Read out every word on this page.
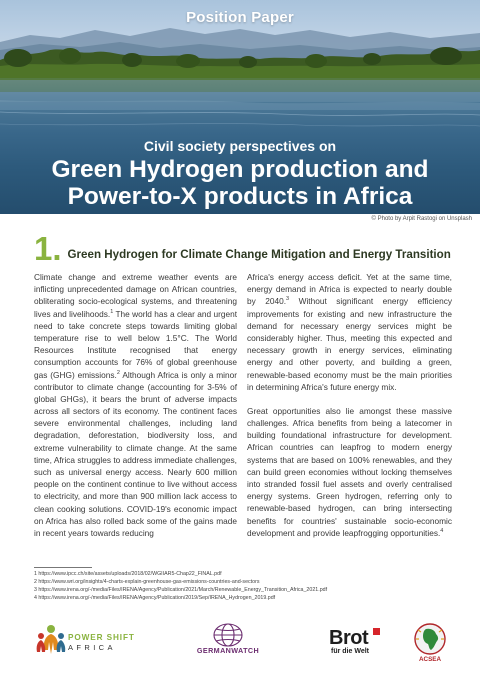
Position Paper
Civil society perspectives on
Green Hydrogen production and
Power-to-X products in Africa
© Photo by Arpit Rastogi on Unsplash
1. Green Hydrogen for Climate Change Mitigation and Energy Transition

Climate change and extreme weather events are inflicting unprecedented damage on African countries, obliterating socio-ecological systems, and threatening lives and livelihoods.$^1$ The world has a clear and urgent need to take concrete steps towards limiting global temperature rise to well below 1.5°C. The World Resources Institute recognised that energy consumption accounts for 76% of global greenhouse gas (GHG) emissions.$^2$ Although Africa is only a minor contributor to climate change (accounting for 3-5% of global GHGs), it bears the brunt of adverse impacts across all sectors of its economy. The continent faces severe environmental challenges, including land degradation, deforestation, biodiversity loss, and extreme vulnerability to climate change. At the same time, Africa struggles to address immediate challenges, such as universal energy access. Nearly 600 million people on the continent continue to live without access to electricity, and more than 900 million lack access to clean cooking solutions. COVID-19's economic impact on Africa has also rolled back some of the gains made in recent years towards reducing

Africa's energy access deficit. Yet at the same time, energy demand in Africa is expected to nearly double by 2040.$^3$ Without significant energy efficiency improvements for existing and new infrastructure the demand for necessary energy services might be considerably higher. Thus, meeting this expected and necessary growth in energy services, eliminating energy and other poverty, and building a green, renewable-based economy must be the main priorities in determining Africa's future energy mix.

Great opportunities also lie amongst these massive challenges. Africa benefits from being a latecomer in building foundational infrastructure for development. African countries can leapfrog to modern energy systems that are based on 100% renewables, and they can build green economies without locking themselves into stranded fossil fuel assets and overly centralised energy systems. Green hydrogen, referring only to renewable-based hydrogen, can bring intersecting benefits for countries' sustainable socio-economic development and provide leapfrogging opportunities.$^4$

1 https://www.ipcc.ch/site/assets/uploads/2018/02/WGIIAR5-Chap22_FINAL.pdf
2 https://www.wri.org/insights/4-charts-explain-greenhouse-gas-emissions-countries-and-sectors
3 https://www.irena.org/-/media/Files/IRENA/Agency/Publication/2021/March/Renewable_Energy_Transition_Africa_2021.pdf
4 https://www.irena.org/-/media/Files/IRENA/Agency/Publication/2019/Sep/IRENA_Hydrogen_2019.pdf
POWER SHIFT
AFRICA	GERMANWATCH
Brot
für die Welt
ACSEA
